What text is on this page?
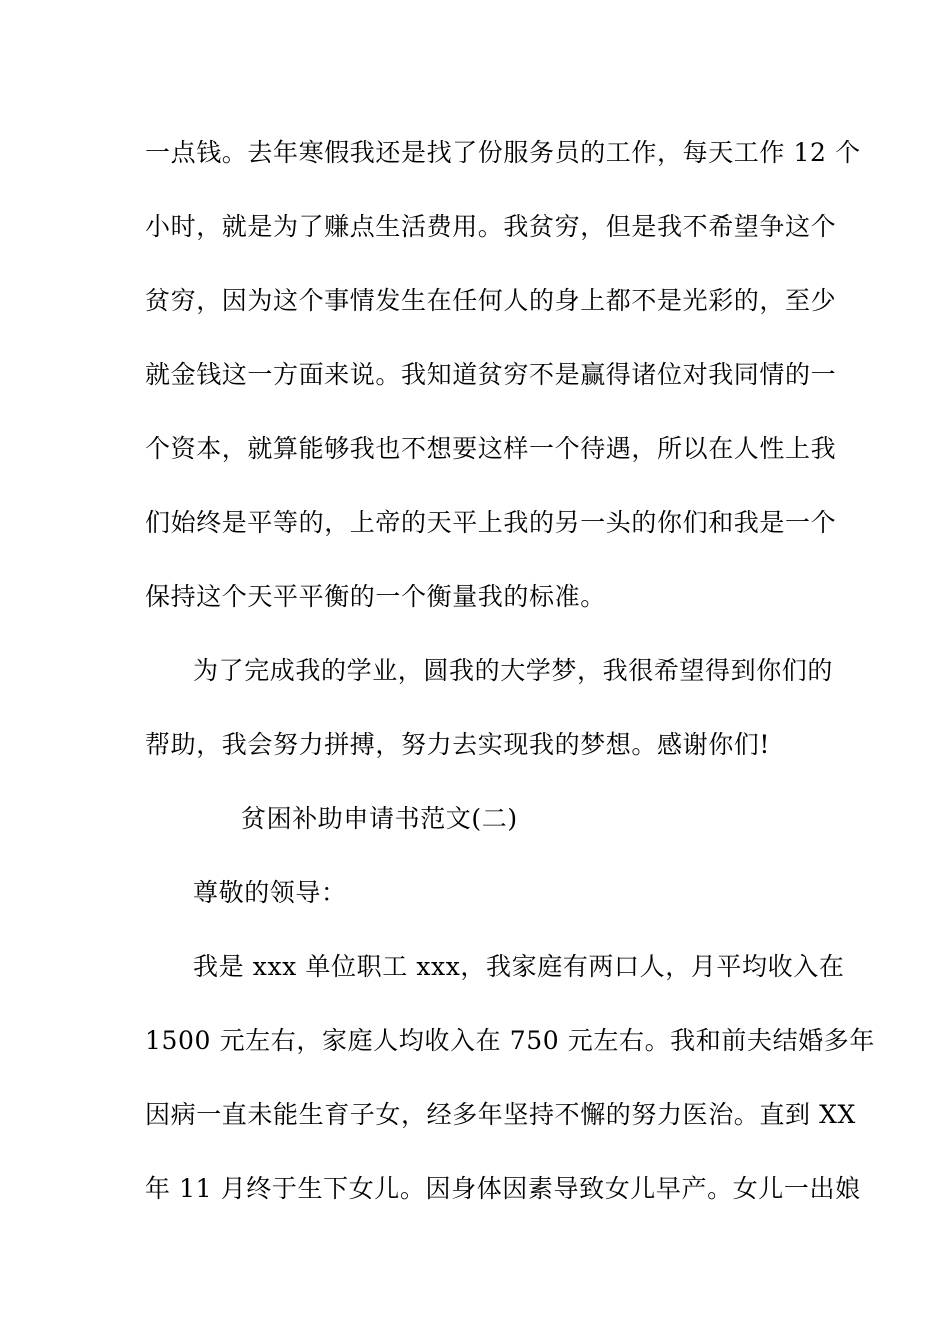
一点钱。去年寒假我还是找了份服务员的工作，每天工作 12 个
小时，就是为了赚点生活费用。我贫穷，但是我不希望争这个
贫穷，因为这个事情发生在任何人的身上都不是光彩的，至少
就金钱这一方面来说。我知道贫穷不是赢得诸位对我同情的一
个资本，就算能够我也不想要这样一个待遇，所以在人性上我
们始终是平等的，上帝的天平上我的另一头的你们和我是一个
保持这个天平平衡的一个衡量我的标准。
为了完成我的学业，圆我的大学梦，我很希望得到你们的
帮助，我会努力拼搏，努力去实现我的梦想。感谢你们!
贫困补助申请书范文(二)
尊敬的领导：
我是 xxx 单位职工 xxx，我家庭有两口人，月平均收入在
1500 元左右，家庭人均收入在 750 元左右。我和前夫结婚多年
因病一直未能生育子女，经多年坚持不懈的努力医治。直到 XX
年 11 月终于生下女儿。因身体因素导致女儿早产。女儿一出娘
